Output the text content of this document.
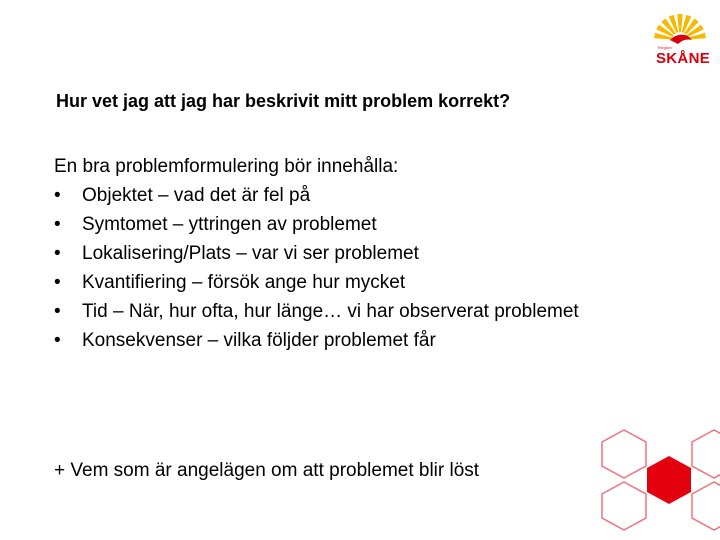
Region
SKÅNE
Hur vet jag att jag har beskrivit mitt problem korrekt?

En bra problemformulering bör innehålla:

• Objektet – vad det är fel på
• Symtomet – yttringen av problemet
• Lokalisering/Plats – var vi ser problemet
• Kvantifiering – försök ange hur mycket
• Tid – När, hur ofta, hur länge… vi har observerat problemet
• Konsekvenser – vilka följder problemet får

+ Vem som är angelägen om att problemet blir löst
